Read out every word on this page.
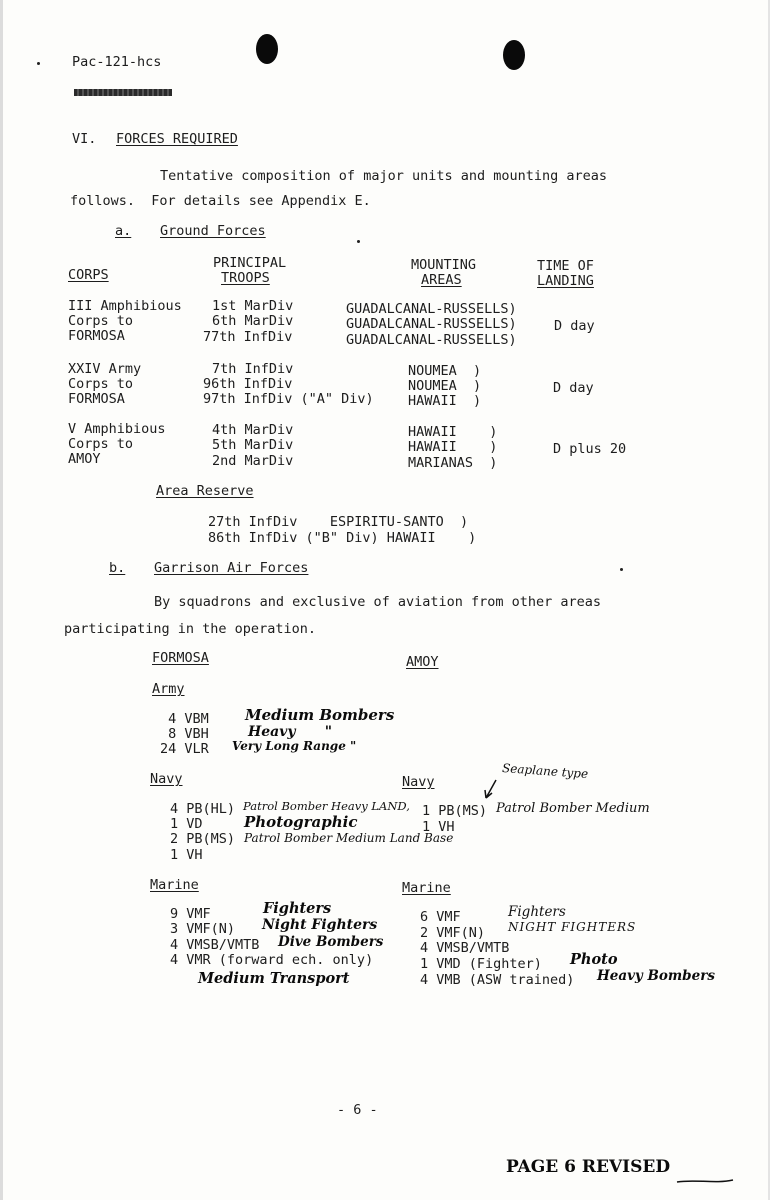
Pac-121-hcs
VI. FORCES REQUIRED
Tentative composition of major units and mounting areas
follows.  For details see Appendix E.
a. Ground Forces
CORPS
PRINCIPAL
TROOPS
MOUNTING
AREAS
TIME OF
LANDING
III Amphibious
Corps to
FORMOSA
1st MarDiv
6th MarDiv
77th InfDiv
GUADALCANAL-RUSSELLS)
GUADALCANAL-RUSSELLS)
GUADALCANAL-RUSSELLS)
D day
XXIV Army
Corps to
FORMOSA
7th InfDiv
96th InfDiv
97th InfDiv ("A" Div)
NOUMEA  )
NOUMEA  )
HAWAII  )
D day
V Amphibious
Corps to
AMOY
4th MarDiv
5th MarDiv
2nd MarDiv
HAWAII    )
HAWAII    )
MARIANAS  )
D plus 20
Area Reserve
27th InfDiv    ESPIRITU-SANTO  )
86th InfDiv ("B" Div) HAWAII    )
b. Garrison Air Forces
By squadrons and exclusive of aviation from other areas
participating in the operation.
FORMOSA	AMOY
Army
4 VBM
8 VBH
24 VLR
Medium Bombers
Heavy      "
Very Long Range "
Navy
4 PB(HL)
1 VD
2 PB(MS)
1 VH
Patrol Bomber Heavy LAND,
Photographic
Patrol Bomber Medium Land Base
Marine
9 VMF
3 VMF(N)
4 VMSB/VMTB
4 VMR (forward ech. only)
Fighters
Night Fighters
Dive Bombers
Medium Transport
Navy
Seaplane type
1 PB(MS)
1 VH
Patrol Bomber Medium
Marine
6 VMF
2 VMF(N)
4 VMSB/VMTB
1 VMD (Fighter)
4 VMB (ASW trained)
Fighters
NIGHT FIGHTERS
Photo
Heavy Bombers
- 6 -
PAGE 6 REVISED
